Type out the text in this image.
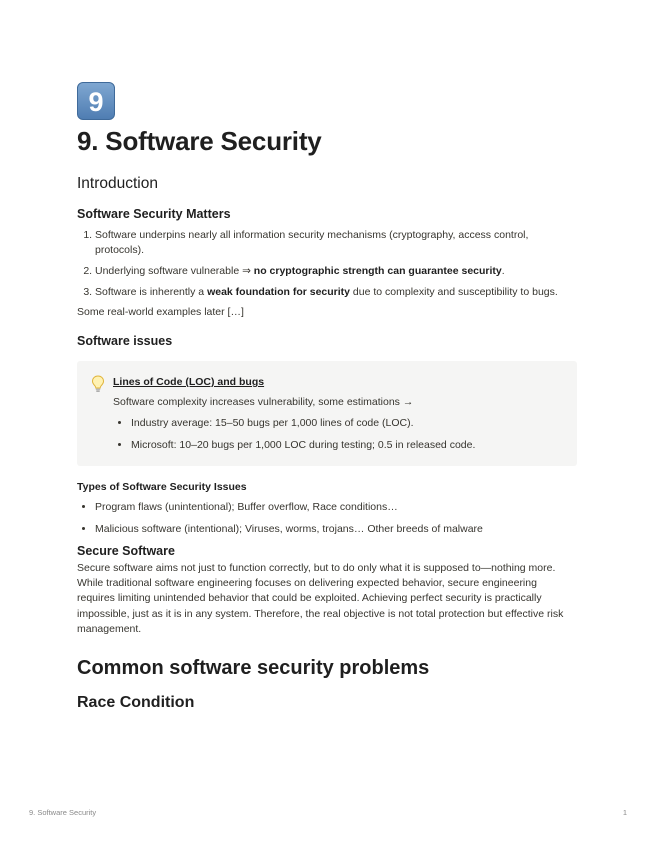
9
9. Software Security
Introduction
Software Security Matters
1. Software underpins nearly all information security mechanisms (cryptography, access control, protocols).
2. Underlying software vulnerable ⇒ no cryptographic strength can guarantee security.
3. Software is inherently a weak foundation for security due to complexity and susceptibility to bugs.
Some real-world examples later […]
Software issues
Lines of Code (LOC) and bugs
Software complexity increases vulnerability, some estimations →
• Industry average: 15–50 bugs per 1,000 lines of code (LOC).
• Microsoft: 10–20 bugs per 1,000 LOC during testing; 0.5 in released code.
Types of Software Security Issues
• Program flaws (unintentional); Buffer overflow, Race conditions…
• Malicious software (intentional); Viruses, worms, trojans… Other breeds of malware
Secure Software

Secure software aims not just to function correctly, but to do only what it is supposed to—nothing more. While traditional software engineering focuses on delivering expected behavior, secure engineering requires limiting unintended behavior that could be exploited. Achieving perfect security is practically impossible, just as it is in any system. Therefore, the real objective is not total protection but effective risk management.

Common software security problems
Race Condition
9. Software Security	1
